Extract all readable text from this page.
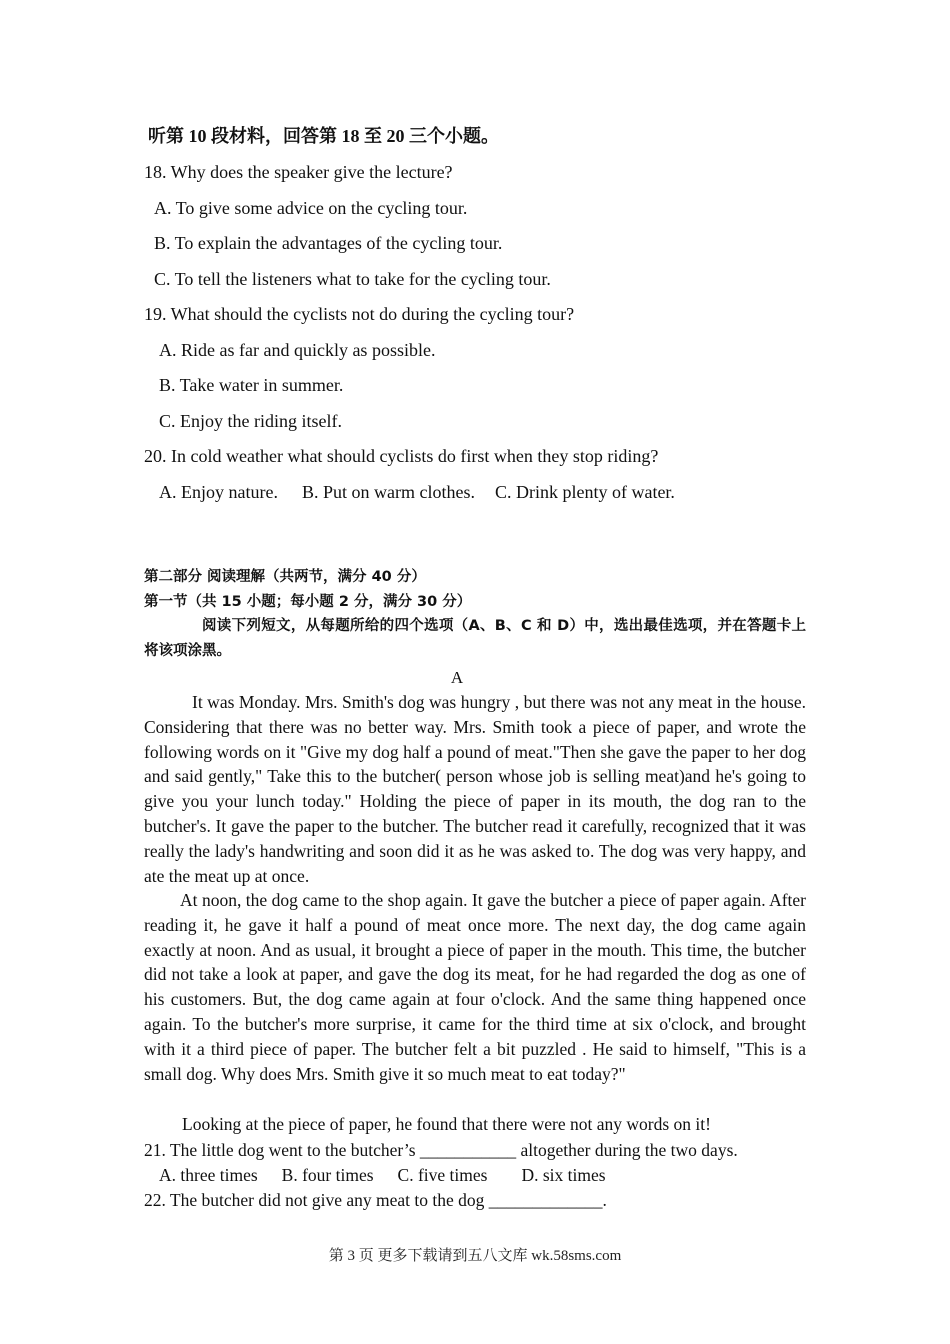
听第 10 段材料，回答第 18 至 20 三个小题。
18. Why does the speaker give the lecture?
A. To give some advice on the cycling tour.
B. To explain the advantages of the cycling tour.
C. To tell the listeners what to take for the cycling tour.
19. What should the cyclists not do during the cycling tour?
A. Ride as far and quickly as possible.
B. Take water in summer.
C. Enjoy the riding itself.
20. In cold weather what should cyclists do first when they stop riding?
A. Enjoy nature. B. Put on warm clothes. C. Drink plenty of water.
第二部分 阅读理解（共两节，满分 40 分）
第一节（共 15 小题；每小题 2 分，满分 30 分）
阅读下列短文，从每题所给的四个选项（A、B、C 和 D）中，选出最佳选项，并在答题卡上将该项涂黑。
A
It was Monday. Mrs. Smith's dog was hungry , but there was not any meat in the house. Considering that there was no better way. Mrs. Smith took a piece of paper, and wrote the following words on it "Give my dog half a pound of meat."Then she gave the paper to her dog and said gently," Take this to the butcher( person whose job is selling meat)and he's going to give you your lunch today." Holding the piece of paper in its mouth, the dog ran to the butcher's. It gave the paper to the butcher. The butcher read it carefully, recognized that it was really the lady's handwriting and soon did it as he was asked to. The dog was very happy, and ate the meat up at once.
At noon, the dog came to the shop again. It gave the butcher a piece of paper again. After reading it, he gave it half a pound of meat once more. The next day, the dog came again exactly at noon. And as usual, it brought a piece of paper in the mouth. This time, the butcher did not take a look at paper, and gave the dog its meat, for he had regarded the dog as one of his customers. But, the dog came again at four o'clock. And the same thing happened once again. To the butcher's more surprise, it came for the third time at six o'clock, and brought with it a third piece of paper. The butcher felt a bit puzzled . He said to himself, "This is a small dog. Why does Mrs. Smith give it so much meat to eat today?"
Looking at the piece of paper, he found that there were not any words on it!
21. The little dog went to the butcher’s ___________ altogether during the two days.
A. three times B. four times C. five times D. six times
22. The butcher did not give any meat to the dog _____________.
第 3 页 更多下载请到五八文库 wk.58sms.com
